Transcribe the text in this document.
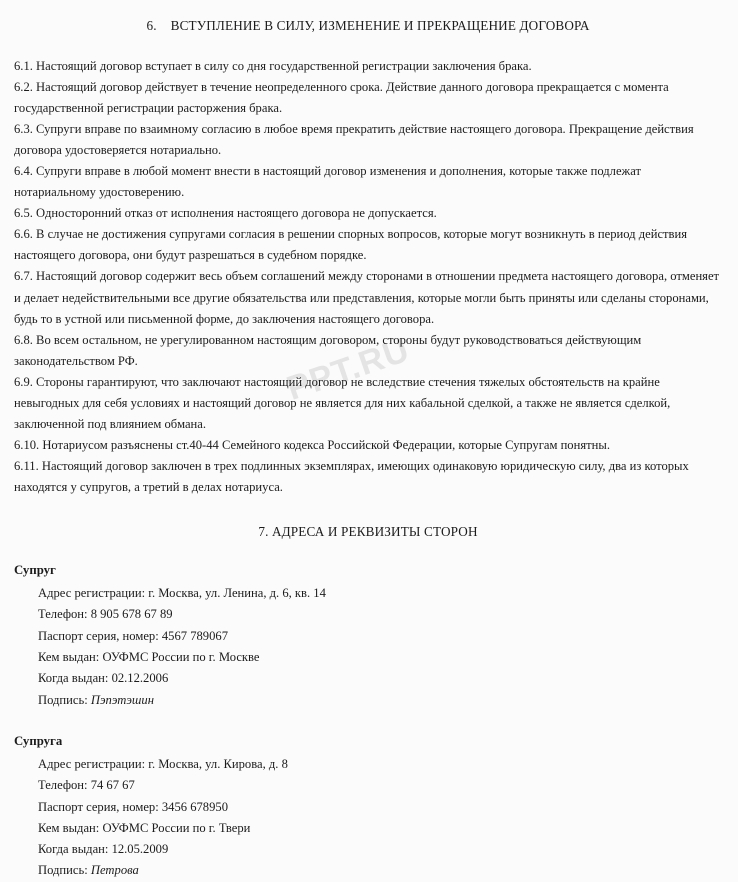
PPT.RU
6. ВСТУПЛЕНИЕ В СИЛУ, ИЗМЕНЕНИЕ И ПРЕКРАЩЕНИЕ ДОГОВОРА
6.1. Настоящий договор вступает в силу со дня государственной регистрации заключения брака.
6.2. Настоящий договор действует в течение неопределенного срока. Действие данного договора прекращается с момента государственной регистрации расторжения брака.
6.3. Супруги вправе по взаимному согласию в любое время прекратить действие настоящего договора. Прекращение действия договора удостоверяется нотариально.
6.4. Супруги вправе в любой момент внести в настоящий договор изменения и дополнения, которые также подлежат нотариальному удостоверению.
6.5. Односторонний отказ от исполнения настоящего договора не допускается.
6.6. В случае не достижения супругами согласия в решении спорных вопросов, которые могут возникнуть в период действия настоящего договора, они будут разрешаться в судебном порядке.
6.7. Настоящий договор содержит весь объем соглашений между сторонами в отношении предмета настоящего договора, отменяет и делает недействительными все другие обязательства или представления, которые могли быть приняты или сделаны сторонами, будь то в устной или письменной форме, до заключения настоящего договора.
6.8. Во всем остальном, не урегулированном настоящим договором, стороны будут руководствоваться действующим законодательством РФ.
6.9. Стороны гарантируют, что заключают настоящий договор не вследствие стечения тяжелых обстоятельств на крайне невыгодных для себя условиях и настоящий договор не является для них кабальной сделкой, а также не является сделкой, заключенной под влиянием обмана.
6.10. Нотариусом разъяснены ст.40-44 Семейного кодекса Российской Федерации, которые Супругам понятны.
6.11. Настоящий договор заключен в трех подлинных экземплярах, имеющих одинаковую юридическую силу, два из которых находятся у супругов, а третий в делах нотариуса.
7. АДРЕСА И РЕКВИЗИТЫ СТОРОН
Супруг
Адрес регистрации: г. Москва, ул. Ленина, д. 6, кв. 14
Телефон: 8 905 678 67 89
Паспорт серия, номер: 4567 789067
Кем выдан: ОУФМС России по г. Москве
Когда выдан: 02.12.2006
Подпись: Пэпэтэшин
Супруга
Адрес регистрации: г. Москва, ул. Кирова, д. 8
Телефон: 74 67 67
Паспорт серия, номер: 3456 678950
Кем выдан: ОУФМС России по г. Твери
Когда выдан: 12.05.2009
Подпись: Петрова
